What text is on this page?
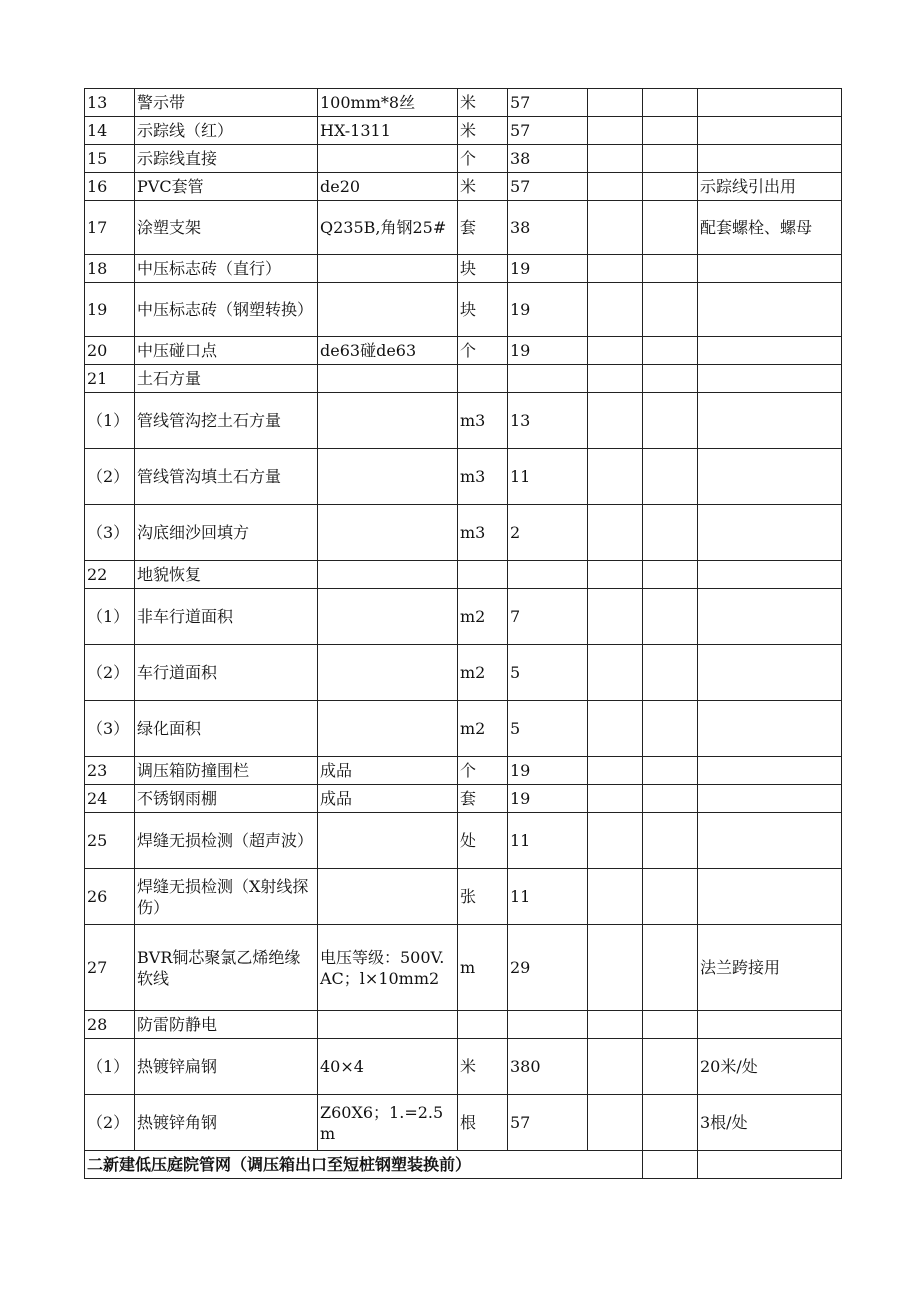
13	警示带	100mm*8丝	米	57			
14	示踪线（红）	HX-1311	米	57			
15	示踪线直接		个	38			
16	PVC套管	de20	米	57			示踪线引出用
17	涂塑支架	Q235B,角钢25#	套	38			配套螺栓、螺母
18	中压标志砖（直行）		块	19			
19	中压标志砖（钢塑转换）		块	19			
20	中压碰口点	de63碰de63	个	19			
21	土石方量						
（1）	管线管沟挖土石方量		m3	13			
（2）	管线管沟填土石方量		m3	11			
（3）	沟底细沙回填方		m3	2			
22	地貌恢复						
（1）	非车行道面积		m2	7			
（2）	车行道面积		m2	5			
（3）	绿化面积		m2	5			
23	调压箱防撞围栏	成品	个	19			
24	不锈钢雨棚	成品	套	19			
25	焊缝无损检测（超声波）		处	11			
26	焊缝无损检测（X射线探伤）		张	11			
27	BVR铜芯聚氯乙烯绝缘软线	电压等级：500V.AC；l×10mm2	m	29			法兰跨接用
28	防雷防静电						
（1）	热镀锌扁钢	40×4	米	380			20米/处
（2）	热镀锌角钢	Z60X6；1.=2.5m	根	57			3根/处
二新建低压庭院管网（调压箱出口至短桩钢塑装换前）							
